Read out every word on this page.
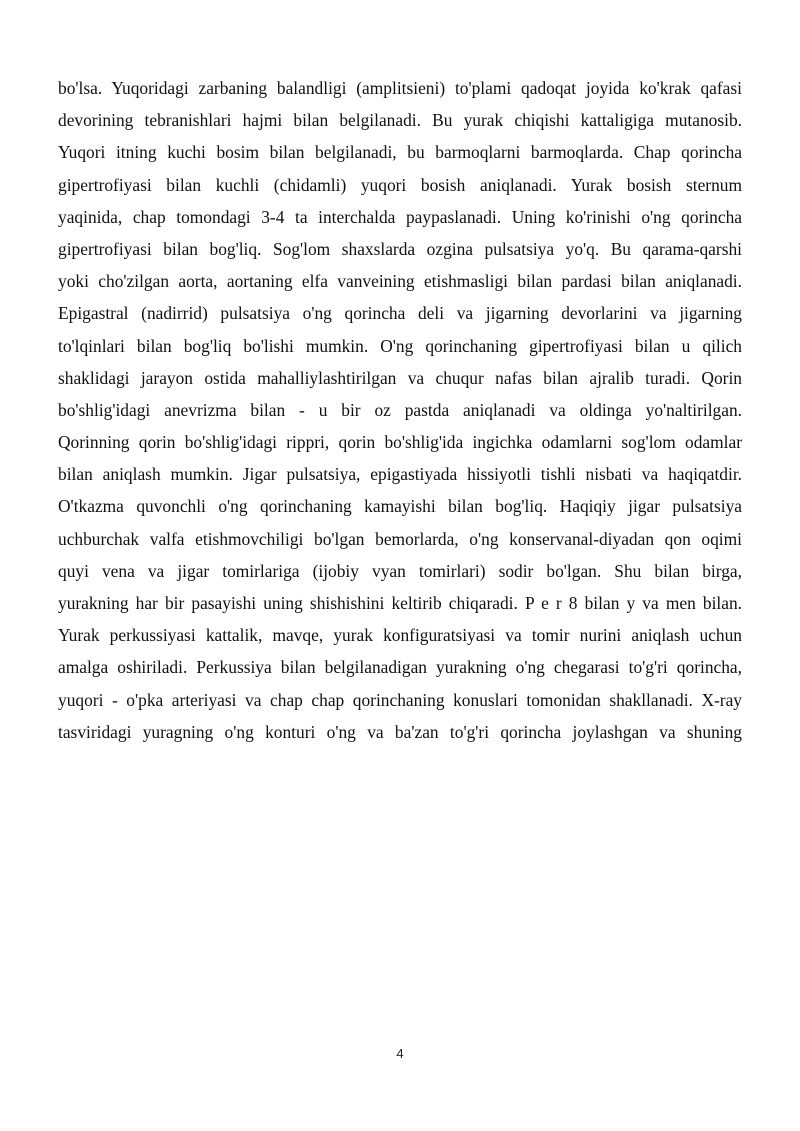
bo'lsa. Yuqoridagi zarbaning balandligi (amplitsieni) to'plami qadoqat joyida ko'krak qafasi
devorining tebranishlari hajmi bilan belgilanadi. Bu yurak chiqishi kattaligiga mutanosib.
Yuqori itning kuchi bosim bilan belgilanadi, bu barmoqlarni barmoqlarda. Chap qorincha
gipertrofiyasi bilan kuchli (chidamli) yuqori bosish aniqlanadi. Yurak bosish sternum
yaqinida, chap tomondagi 3-4 ta interchalda paypaslanadi. Uning ko'rinishi o'ng qorincha
gipertrofiyasi bilan bog'liq. Sog'lom shaxslarda ozgina pulsatsiya yo'q. Bu qarama-qarshi
yoki cho'zilgan aorta, aortaning elfa vanveining etishmasligi bilan pardasi bilan aniqlanadi.
Epigastral (nadirrid) pulsatsiya o'ng qorincha deli va jigarning devorlarini va jigarning
to'lqinlari bilan bog'liq bo'lishi mumkin. O'ng qorinchaning gipertrofiyasi bilan u qilich
shaklidagi jarayon ostida mahalliylashtirilgan va chuqur nafas bilan ajralib turadi. Qorin
bo'shlig'idagi anevrizma bilan - u bir oz pastda aniqlanadi va oldinga yo'naltirilgan.
Qorinning qorin bo'shlig'idagi rippri, qorin bo'shlig'ida ingichka odamlarni sog'lom odamlar
bilan aniqlash mumkin. Jigar pulsatsiya, epigastiyada hissiyotli tishli nisbati va haqiqatdir.
O'tkazma quvonchli o'ng qorinchaning kamayishi bilan bog'liq. Haqiqiy jigar pulsatsiya
uchburchak valfa etishmovchiligi bo'lgan bemorlarda, o'ng konservanal-diyadan qon oqimi
quyi vena va jigar tomirlariga (ijobiy vyan tomirlari) sodir bo'lgan. Shu bilan birga,
yurakning har bir pasayishi uning shishishini keltirib chiqaradi. P e r 8 bilan y va men bilan.
Yurak perkussiyasi kattalik, mavqe, yurak konfiguratsiyasi va tomir nurini aniqlash uchun
amalga oshiriladi. Perkussiya bilan belgilanadigan yurakning o'ng chegarasi to'g'ri qorincha,
yuqori - o'pka arteriyasi va chap chap qorinchaning konuslari tomonidan shakllanadi. X-ray
tasviridagi yuragning o'ng konturi o'ng va ba'zan to'g'ri qorincha joylashgan va shuning
4
